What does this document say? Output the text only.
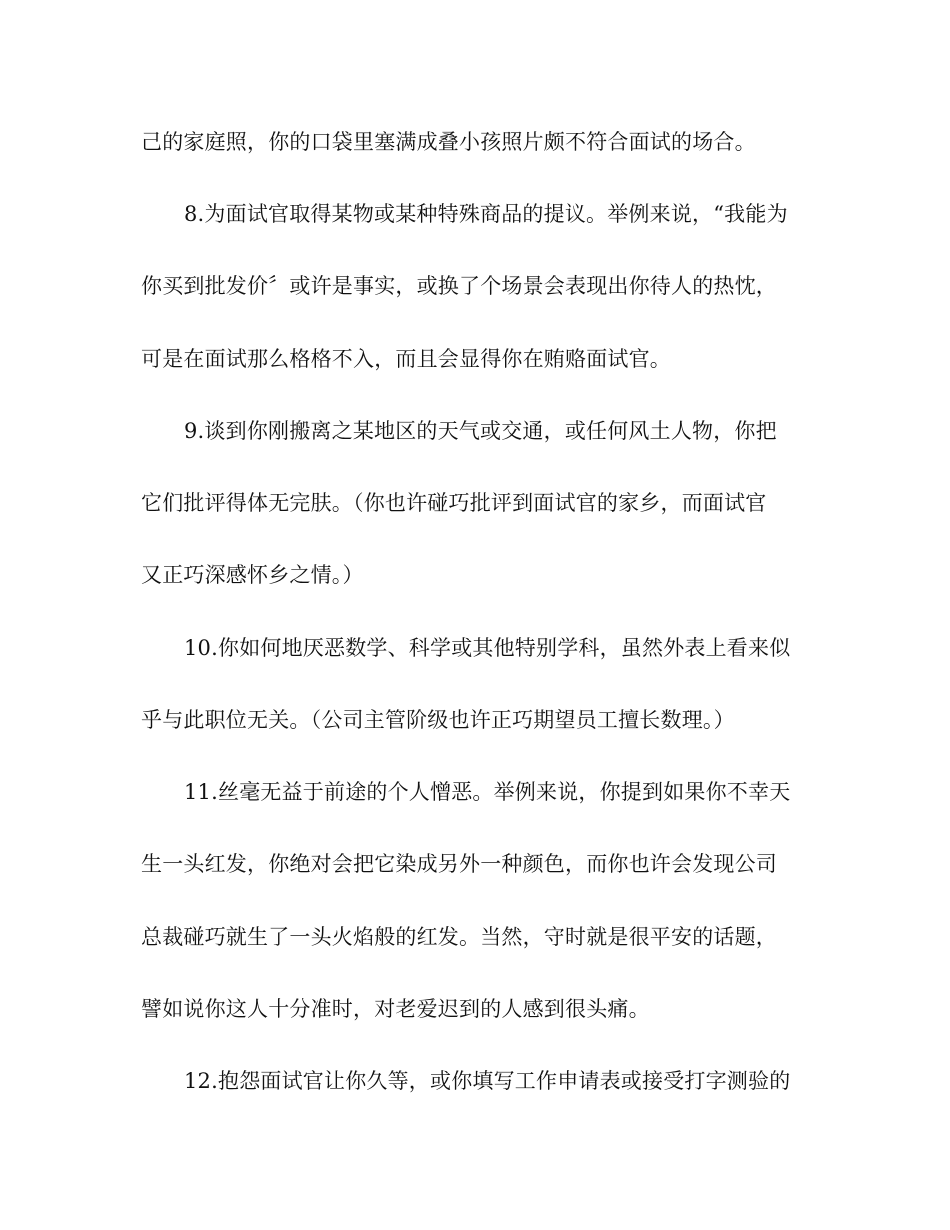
己的家庭照，你的口袋里塞满成叠小孩照片颇不符合面试的场合。
8.为面试官取得某物或某种特殊商品的提议。举例来说，“我能为
你买到批发价〞或许是事实，或换了个场景会表现出你待人的热忱，
可是在面试那么格格不入，而且会显得你在贿赂面试官。
9.谈到你刚搬离之某地区的天气或交通，或任何风土人物，你把
它们批评得体无完肤。（你也许碰巧批评到面试官的家乡，而面试官
又正巧深感怀乡之情。）
10.你如何地厌恶数学、科学或其他特别学科，虽然外表上看来似
乎与此职位无关。（公司主管阶级也许正巧期望员工擅长数理。）
11.丝毫无益于前途的个人憎恶。举例来说，你提到如果你不幸天
生一头红发，你绝对会把它染成另外一种颜色，而你也许会发现公司
总裁碰巧就生了一头火焰般的红发。当然，守时就是很平安的话题，
譬如说你这人十分准时，对老爱迟到的人感到很头痛。
12.抱怨面试官让你久等，或你填写工作申请表或接受打字测验的
